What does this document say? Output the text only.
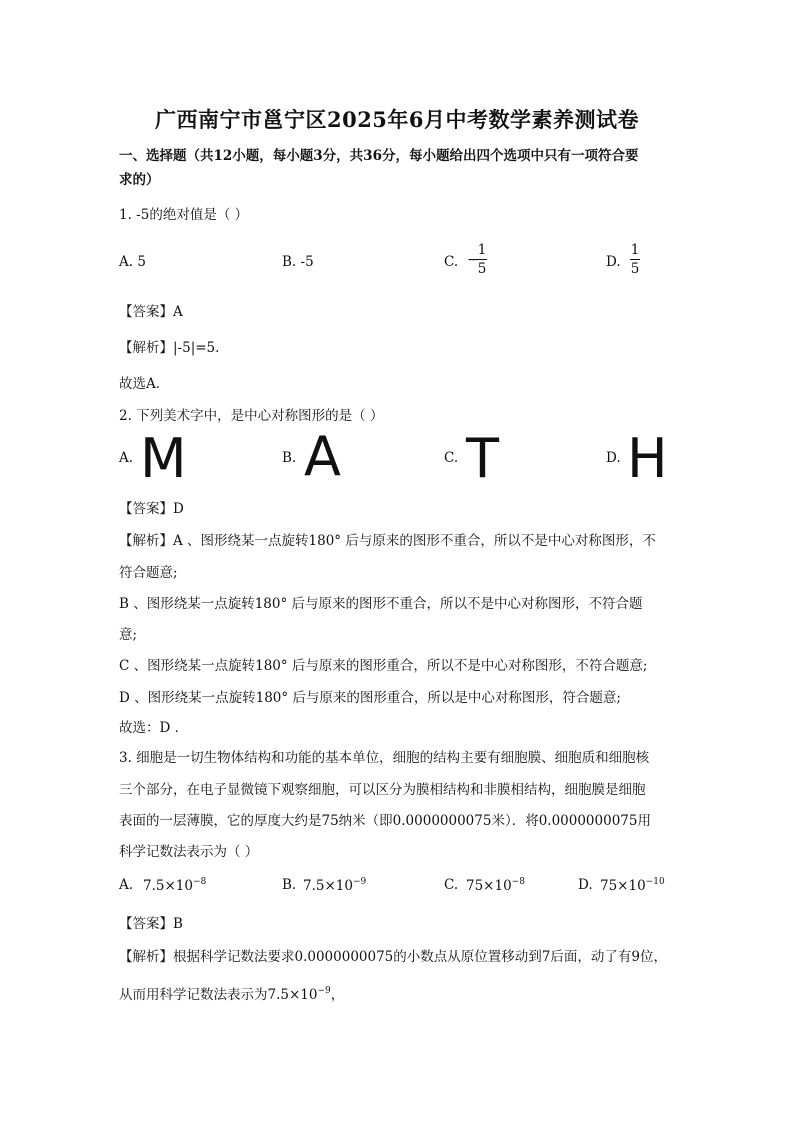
广西南宁市邕宁区2025年6月中考数学素养测试卷
一、选择题（共12小题，每小题3分，共36分，每小题给出四个选项中只有一项符合要
求的）
1. -5的绝对值是（ ）
A. 5	B. -5	C. −
1
5	D.
1
5
【答案】A
【解析】|-5|=5.
故选A．
2. 下列美术字中，是中心对称图形的是（ ）
A. M	B. A	C. T	D. H
【答案】D
【解析】A 、图形绕某一点旋转180° 后与原来的图形不重合，所以不是中心对称图形，不
符合题意;
B 、图形绕某一点旋转180° 后与原来的图形不重合，所以不是中心对称图形，不符合题
意;
C 、图形绕某一点旋转180° 后与原来的图形重合，所以不是中心对称图形，不符合题意;
D 、图形绕某一点旋转180° 后与原来的图形重合，所以是中心对称图形，符合题意;
故选：D ．
3. 细胞是一切生物体结构和功能的基本单位，细胞的结构主要有细胞膜、细胞质和细胞核
三个部分，在电子显微镜下观察细胞，可以区分为膜相结构和非膜相结构，细胞膜是细胞
表面的一层薄膜，它的厚度大约是75纳米（即0.0000000075米）．将0.0000000075用
科学记数法表示为（ ）
A. $7.5\times 10^{-8}$	B. $7.5\times 10^{-9}$	C. $75\times 10^{-8}$	D. $75\times 10^{-10}$
【答案】B
【解析】根据科学记数法要求0.0000000075的小数点从原位置移动到7后面，动了有9位，
从而用科学记数法表示为$7.5\times 10^{-9}$，
